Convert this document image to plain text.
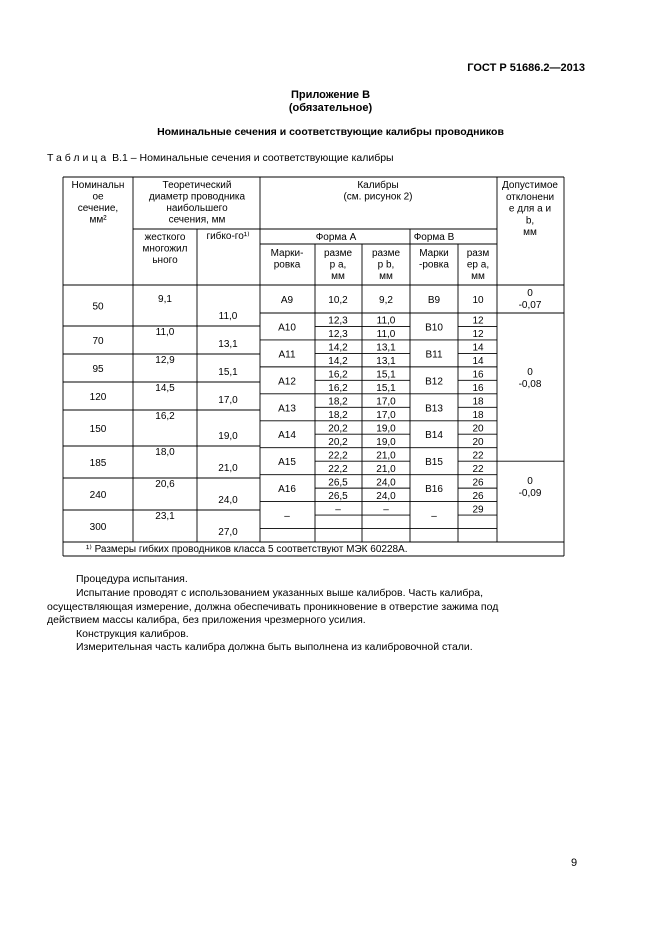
ГОСТ Р 51686.2—2013
Приложение В
(обязательное)
Номинальные сечения и соответствующие калибры проводников
Таблица В.1 – Номинальные сечения и соответствующие калибры
Номинальн
ое
сечение,
мм²
Теоретический
диаметр проводника
наибольшего
сечения, мм
жесткого
многожил
ьного
гибко-го¹⁾
Калибры
(см. рисунок 2)
Форма А	Форма В
Марки-
ровка
разме
р a,
мм
разме
р b,
мм
Марки
-ровка
разм
ер a,
мм
Допустимое
отклонени
е для a и
b,
мм
50
70
95
120
150
185
240
300
9,1
11,0
12,9
14,5
16,2
18,0
20,6
23,1
11,0
13,1
15,1
17,0
19,0
21,0
24,0
27,0
А9
А10
А11
А12
А13
А14
А15
А16
–
В9
В10
В11
В12
В13
В14
В15
В16
–
10,2
12,3
12,3
14,2
14,2
16,2
16,2
18,2
18,2
20,2
20,2
22,2
22,2
26,5
26,5
–
9,2
11,0
11,0
13,1
13,1
15,1
15,1
17,0
17,0
19,0
19,0
21,0
21,0
24,0
24,0
–
10
12
12
14
14
16
16
18
18
20
20
22
22
26
26
29
0
-0,07
0
-0,08
0
-0,09
¹⁾ Размеры гибких проводников класса 5 соответствуют МЭК 60228А.
Процедура испытания.
Испытание проводят с использованием указанных выше калибров. Часть калибра,
осуществляющая измерение, должна обеспечивать проникновение в отверстие зажима под
действием массы калибра, без приложения чрезмерного усилия.
Конструкция калибров.
Измерительная часть калибра должна быть выполнена из калибровочной стали.
9
